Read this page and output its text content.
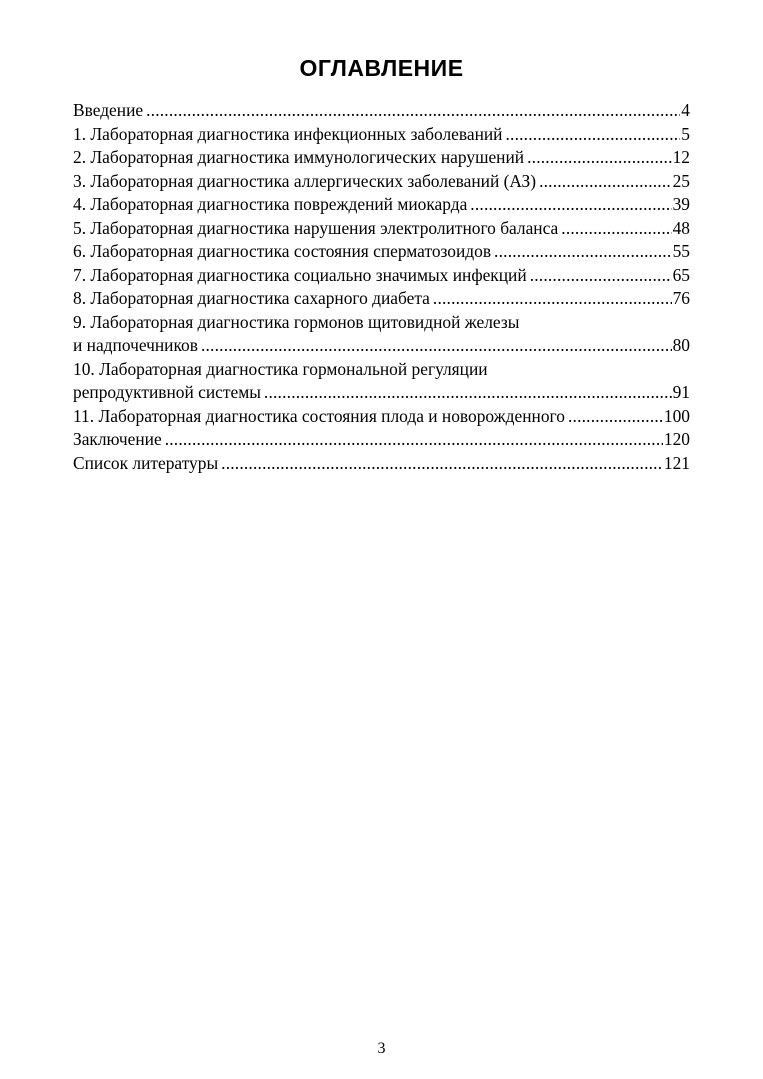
ОГЛАВЛЕНИЕ
Введение .....	4
1. Лабораторная диагностика инфекционных заболеваний .....	5
2. Лабораторная диагностика иммунологических нарушений .....	12
3. Лабораторная диагностика аллергических заболеваний (АЗ) .....	25
4. Лабораторная диагностика повреждений миокарда .....	39
5. Лабораторная диагностика нарушения электролитного баланса .....	48
6. Лабораторная диагностика состояния сперматозоидов .....	55
7. Лабораторная диагностика социально значимых инфекций .....	65
8. Лабораторная диагностика сахарного диабета .....	76
9. Лабораторная диагностика гормонов щитовидной железы
и надпочечников .....	80
10. Лабораторная диагностика гормональной регуляции
репродуктивной системы .....	91
11. Лабораторная диагностика состояния плода и новорожденного .....	100
Заключение .....	120
Список литературы .....	121
3
